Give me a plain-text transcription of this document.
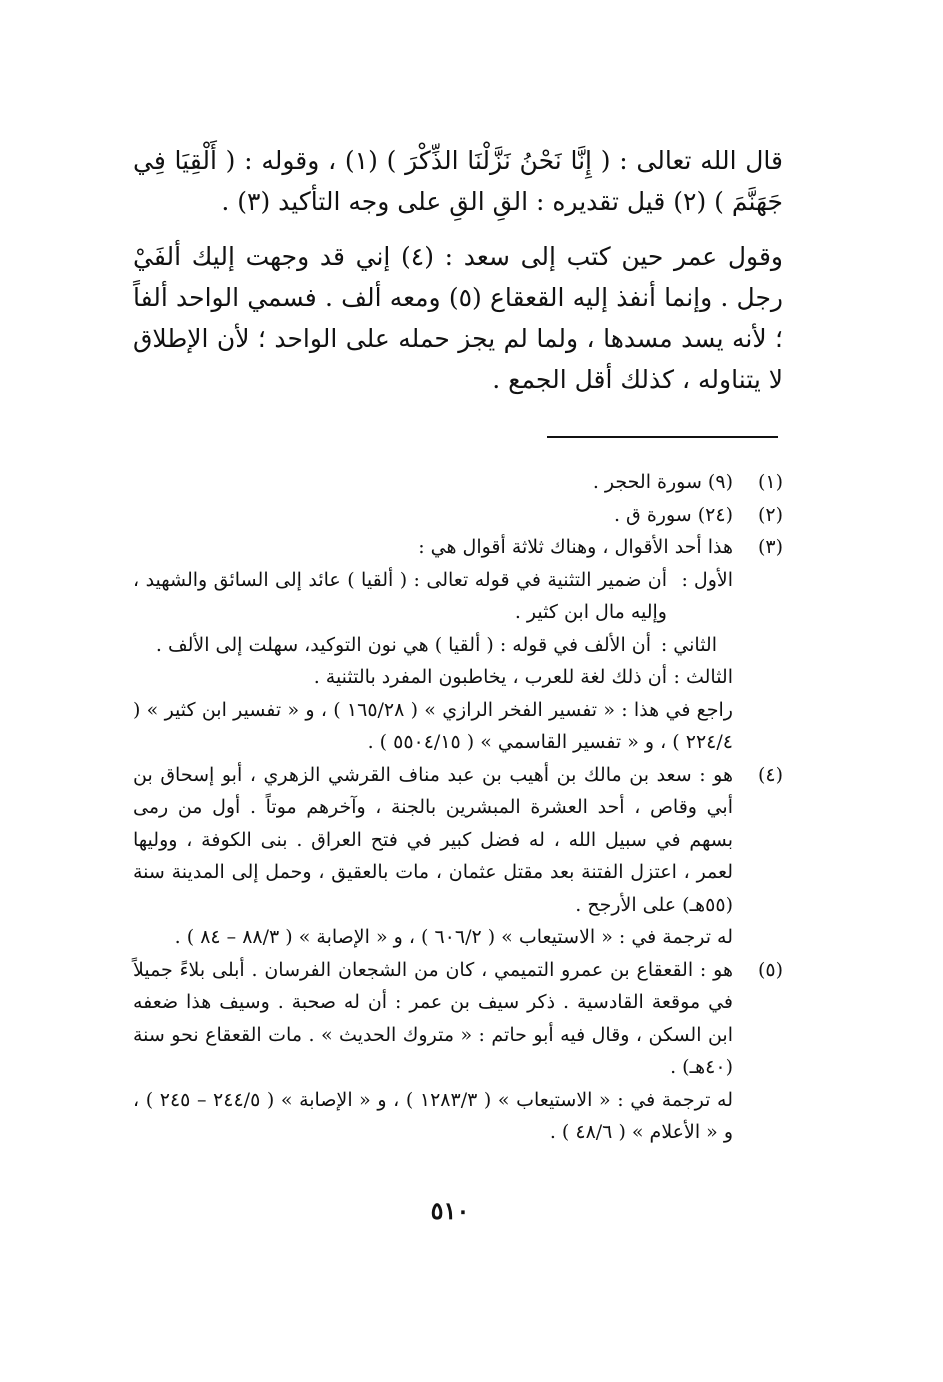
قال الله تعالى : ( إِنَّا نَحْنُ نَزَّلْنَا الذِّكْرَ ) (١) ، وقوله : ( أَلْقِيَا فِي جَهَنَّمَ ) (٢) قيل تقديره : القِ القِ على وجه التأكيد (٣) .

وقول عمر حين كتب إلى سعد : (٤) إني قد وجهت إليك ألفَيْ رجل . وإنما أنفذ إليه القعقاع (٥) ومعه ألف . فسمي الواحد ألفاً ؛ لأنه يسد مسدها ، ولما لم يجز حمله على الواحد ؛ لأن الإطلاق لا يتناوله ، كذلك أقل الجمع .

(١)
(٩) سورة الحجر .
(٢)
(٢٤) سورة ق .
(٣)
هذا أحد الأقوال ، وهناك ثلاثة أقوال هي :
الأول :
أن ضمير التثنية في قوله تعالى : ( ألقيا ) عائد إلى السائق والشهيد ، وإليه مال ابن كثير .
الثاني :
أن الألف في قوله : ( ألقيا ) هي نون التوكيد، سهلت إلى الألف .
الثالث :
أن ذلك لغة للعرب ، يخاطبون المفرد بالتثنية .
راجع في هذا : « تفسير الفخر الرازي » ( ١٦٥/٢٨ ) ، و « تفسير ابن كثير » ( ٢٢٤/٤ ) ، و « تفسير القاسمي » ( ٥٥٠٤/١٥ ) .
(٤)
هو : سعد بن مالك بن أهيب بن عبد مناف القرشي الزهري ، أبو إسحاق بن أبي وقاص ، أحد العشرة المبشرين بالجنة ، وآخرهم موتاً . أول من رمى بسهم في سبيل الله ، له فضل كبير في فتح العراق . بنى الكوفة ، ووليها لعمر ، اعتزل الفتنة بعد مقتل عثمان ، مات بالعقيق ، وحمل إلى المدينة سنة (٥٥هـ) على الأرجح .
له ترجمة في : « الاستيعاب » ( ٦٠٦/٢ ) ، و « الإصابة » ( ٨٨/٣ – ٨٤ ) .
(٥)
هو : القعقاع بن عمرو التميمي ، كان من الشجعان الفرسان . أبلى بلاءً جميلاً في موقعة القادسية . ذكر سيف بن عمر : أن له صحبة . وسيف هذا ضعفه ابن السكن ، وقال فيه أبو حاتم : « متروك الحديث » . مات القعقاع نحو سنة (٤٠هـ) .
له ترجمة في : « الاستيعاب » ( ١٢٨٣/٣ ) ، و « الإصابة » ( ٢٤٤/٥ – ٢٤٥ ) ، و « الأعلام » ( ٤٨/٦ ) .
٥١٠
